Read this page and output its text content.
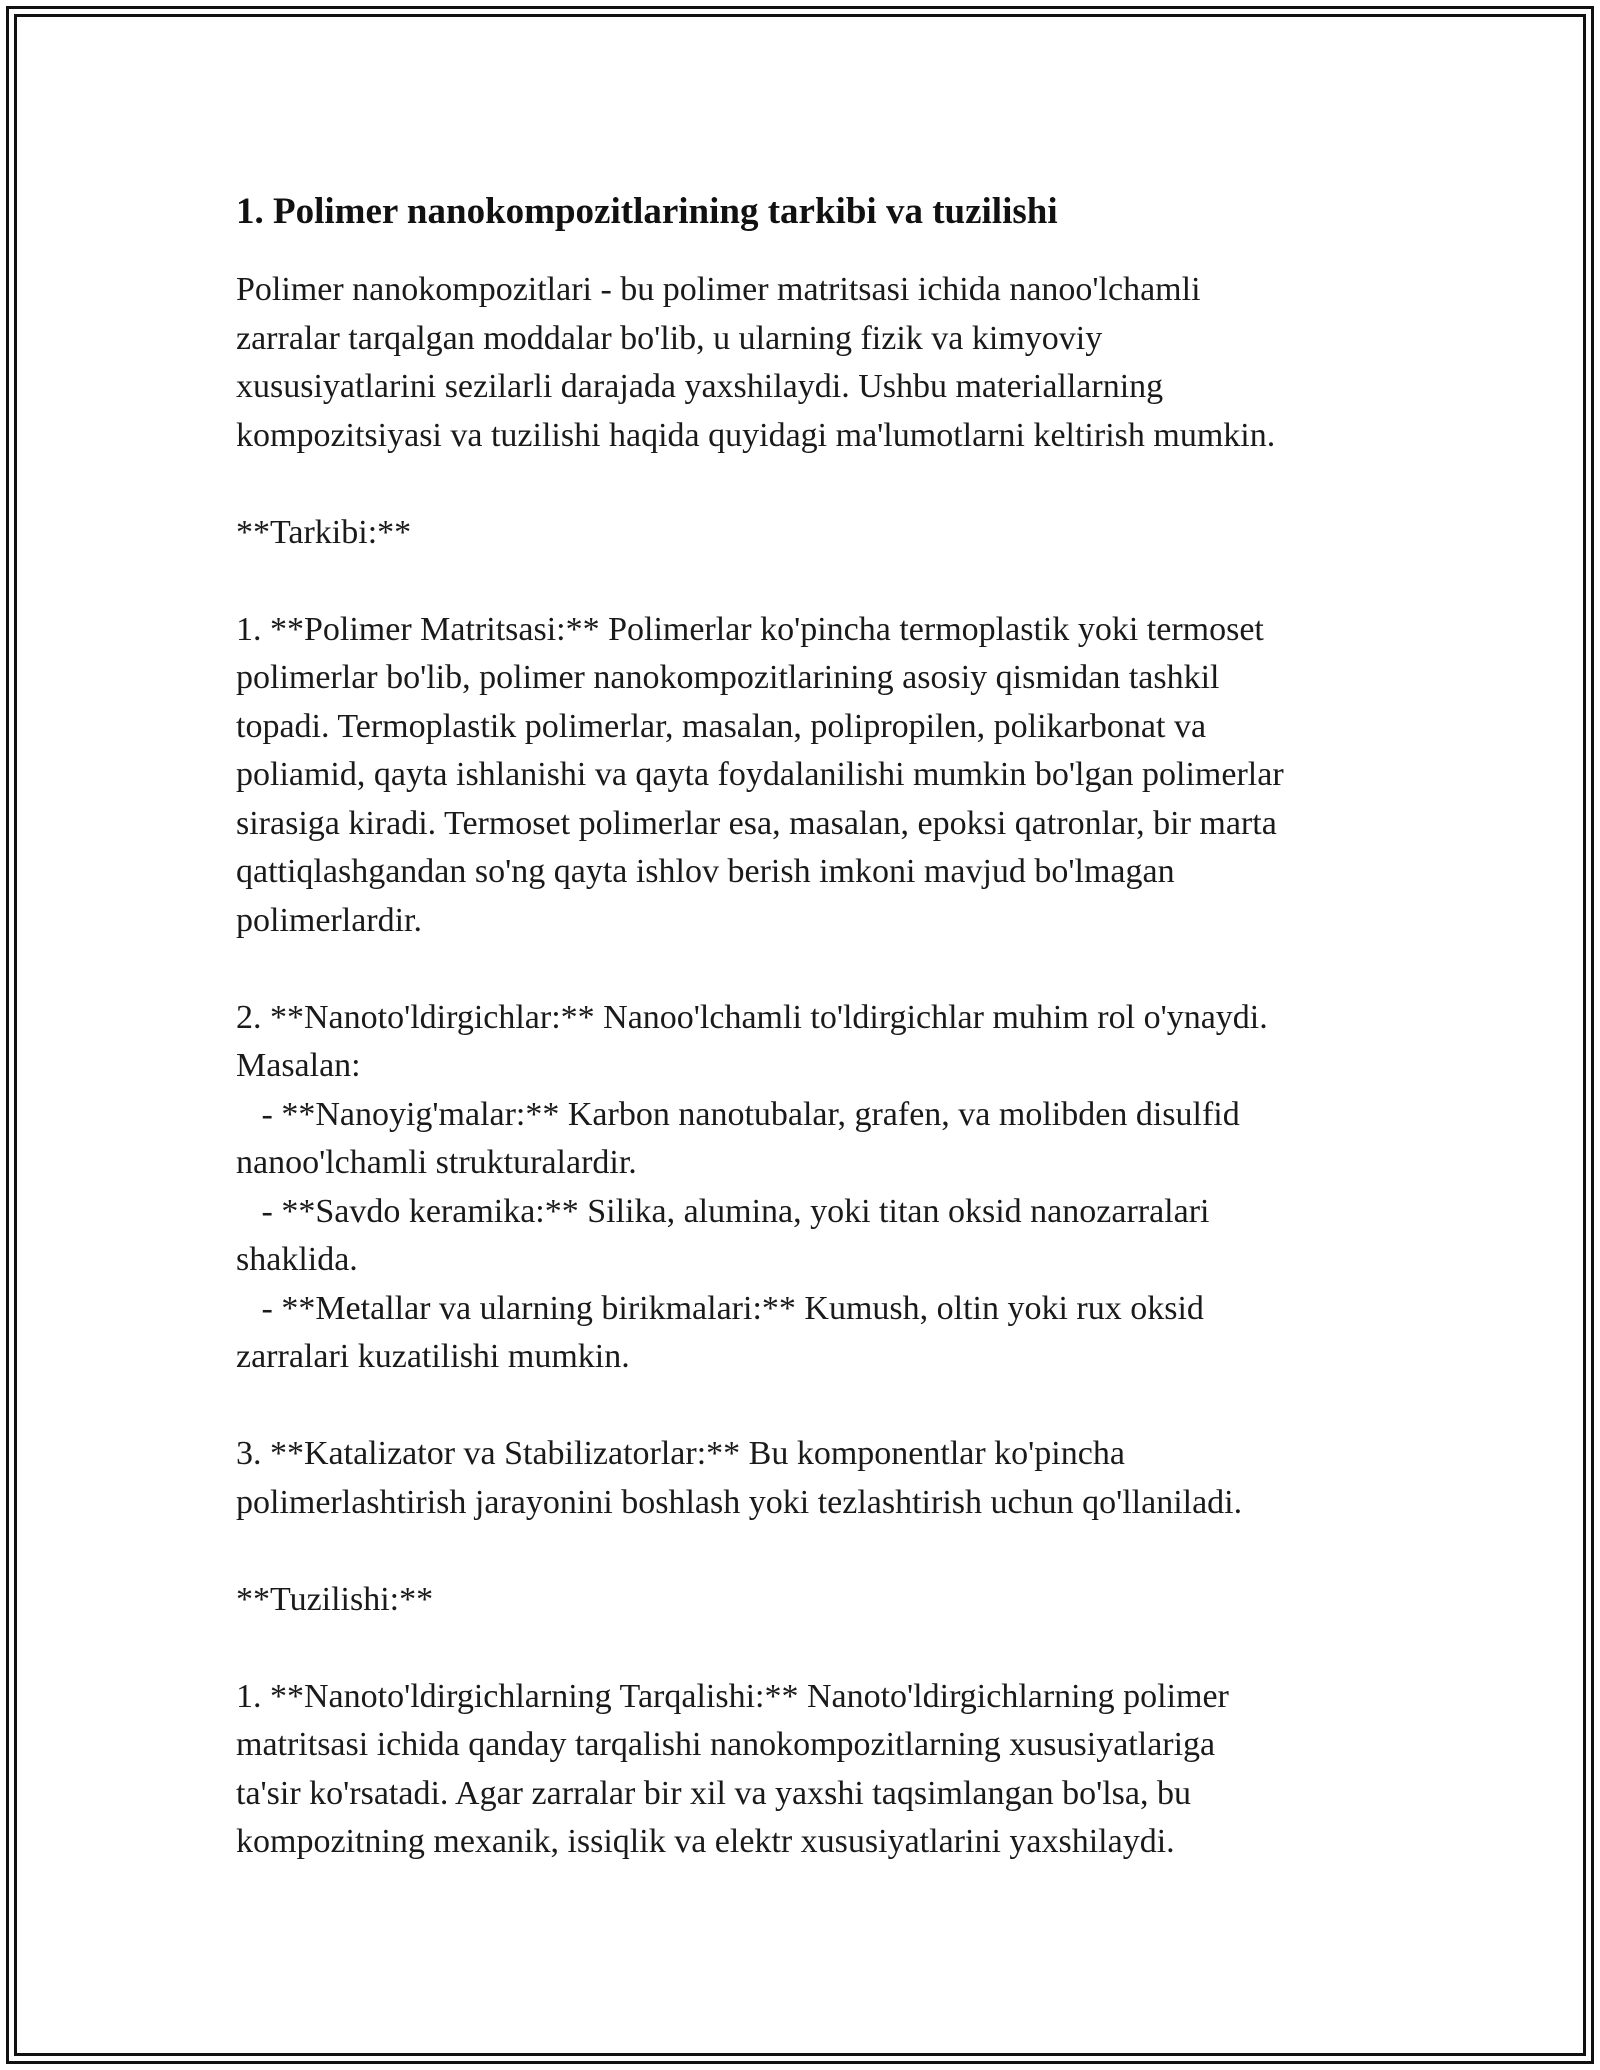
1. Polimer nanokompozitlarining tarkibi va tuzilishi
Polimer nanokompozitlari - bu polimer matritsasi ichida nanoo'lchamli
zarralar tarqalgan moddalar bo'lib, u ularning fizik va kimyoviy
xususiyatlarini sezilarli darajada yaxshilaydi. Ushbu materiallarning
kompozitsiyasi va tuzilishi haqida quyidagi ma'lumotlarni keltirish mumkin.
**Tarkibi:**
1. **Polimer Matritsasi:** Polimerlar ko'pincha termoplastik yoki termoset
polimerlar bo'lib, polimer nanokompozitlarining asosiy qismidan tashkil
topadi. Termoplastik polimerlar, masalan, polipropilen, polikarbonat va
poliamid, qayta ishlanishi va qayta foydalanilishi mumkin bo'lgan polimerlar
sirasiga kiradi. Termoset polimerlar esa, masalan, epoksi qatronlar, bir marta
qattiqlashgandan so'ng qayta ishlov berish imkoni mavjud bo'lmagan
polimerlardir.
2. **Nanoto'ldirgichlar:** Nanoo'lchamli to'ldirgichlar muhim rol o'ynaydi.
Masalan:
- **Nanoyig'malar:** Karbon nanotubalar, grafen, va molibden disulfid
nanoo'lchamli strukturalardir.
- **Savdo keramika:** Silika, alumina, yoki titan oksid nanozarralari
shaklida.
- **Metallar va ularning birikmalari:** Kumush, oltin yoki rux oksid
zarralari kuzatilishi mumkin.
3. **Katalizator va Stabilizatorlar:** Bu komponentlar ko'pincha
polimerlashtirish jarayonini boshlash yoki tezlashtirish uchun qo'llaniladi.
**Tuzilishi:**
1. **Nanoto'ldirgichlarning Tarqalishi:** Nanoto'ldirgichlarning polimer
matritsasi ichida qanday tarqalishi nanokompozitlarning xususiyatlariga
ta'sir ko'rsatadi. Agar zarralar bir xil va yaxshi taqsimlangan bo'lsa, bu
kompozitning mexanik, issiqlik va elektr xususiyatlarini yaxshilaydi.
